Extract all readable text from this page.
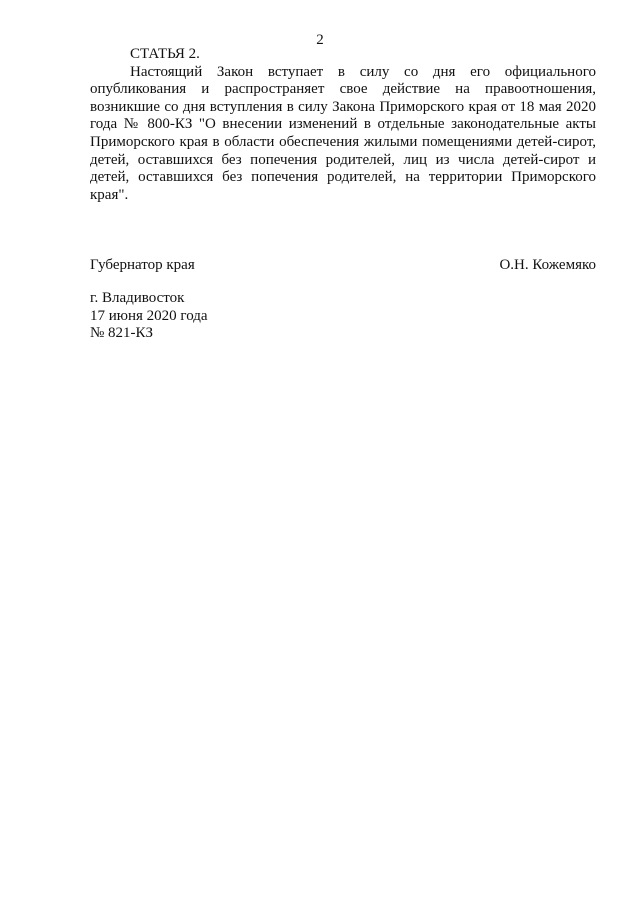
2
СТАТЬЯ 2.

Настоящий Закон вступает в силу со дня его официального опубликования и распространяет свое действие на правоотношения, возникшие со дня вступления в силу Закона Приморского края от 18 мая 2020 года № 800-КЗ "О внесении изменений в отдельные законодательные акты Приморского края в области обеспечения жилыми помещениями детей-сирот, детей, оставшихся без попечения родителей, лиц из числа детей-сирот и детей, оставшихся без попечения родителей, на территории Приморского края".

Губернатор края	О.Н. Кожемяко
г. Владивосток
17 июня 2020 года
№ 821-КЗ
